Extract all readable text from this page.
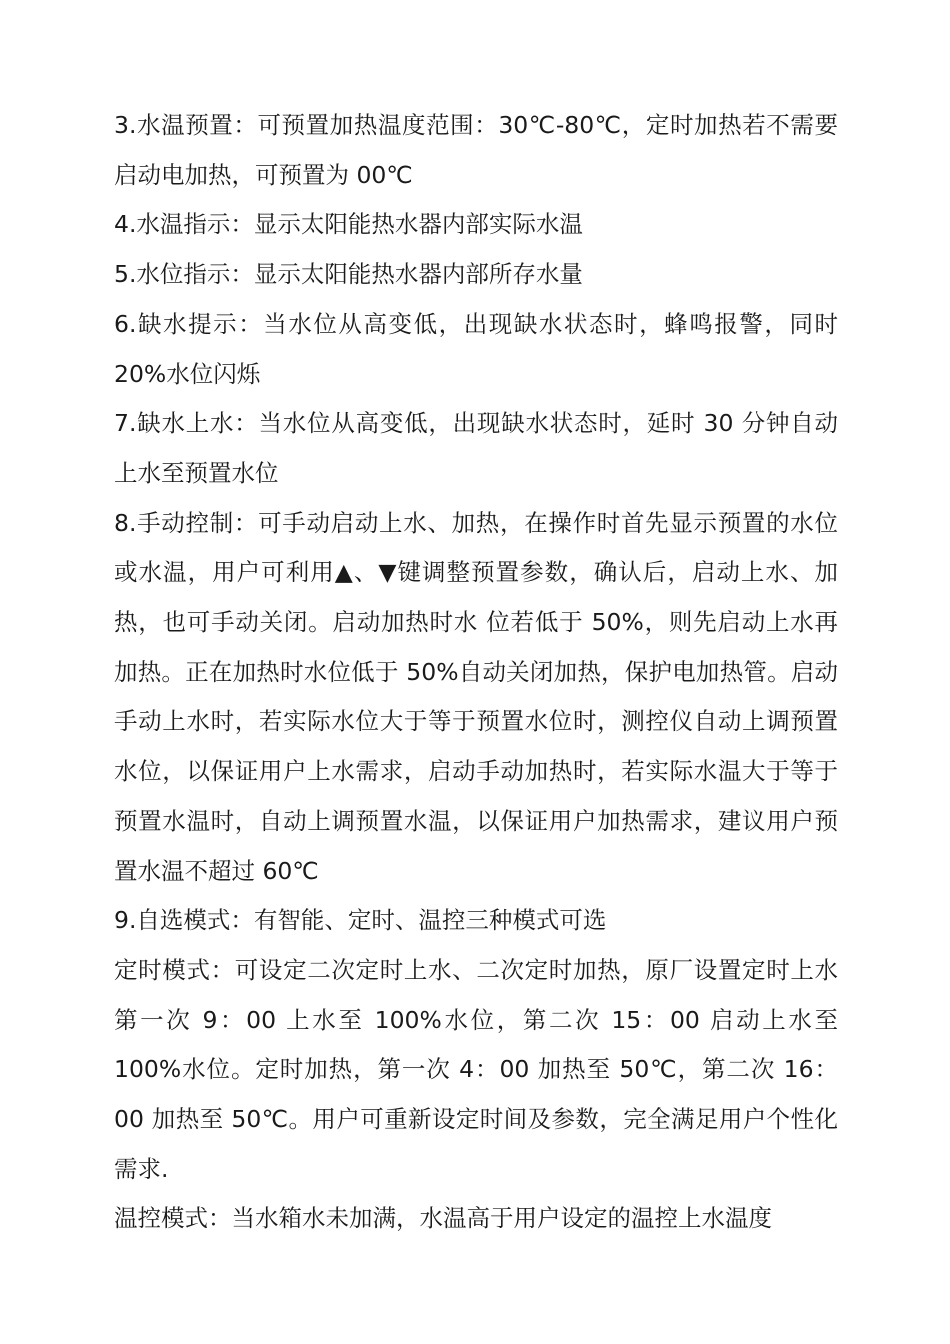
3.水温预置：可预置加热温度范围：30℃-80℃，定时加热若不需要启动电加热，可预置为 00℃

4.水温指示：显示太阳能热水器内部实际水温

5.水位指示：显示太阳能热水器内部所存水量

6.缺水提示：当水位从高变低，出现缺水状态时，蜂鸣报警，同时20%水位闪烁

7.缺水上水：当水位从高变低，出现缺水状态时，延时 30 分钟自动上水至预置水位

8.手动控制：可手动启动上水、加热，在操作时首先显示预置的水位或水温，用户可利用▲、▼键调整预置参数，确认后，启动上水、加热，也可手动关闭。启动加热时水 位若低于 50%，则先启动上水再加热。正在加热时水位低于 50%自动关闭加热，保护电加热管。启动手动上水时，若实际水位大于等于预置水位时，测控仪自动上调预置水位，以保证用户上水需求，启动手动加热时，若实际水温大于等于预置水温时，自动上调预置水温，以保证用户加热需求，建议用户预置水温不超过 60℃

9.自选模式：有智能、定时、温控三种模式可选

定时模式：可设定二次定时上水、二次定时加热，原厂设置定时上水第一次 9：00 上水至 100%水位，第二次 15：00 启动上水至 100%水位。定时加热，第一次 4：00 加热至 50℃，第二次 16：00 加热至 50℃。用户可重新设定时间及参数，完全满足用户个性化需求.

温控模式：当水箱水未加满，水温高于用户设定的温控上水温度
